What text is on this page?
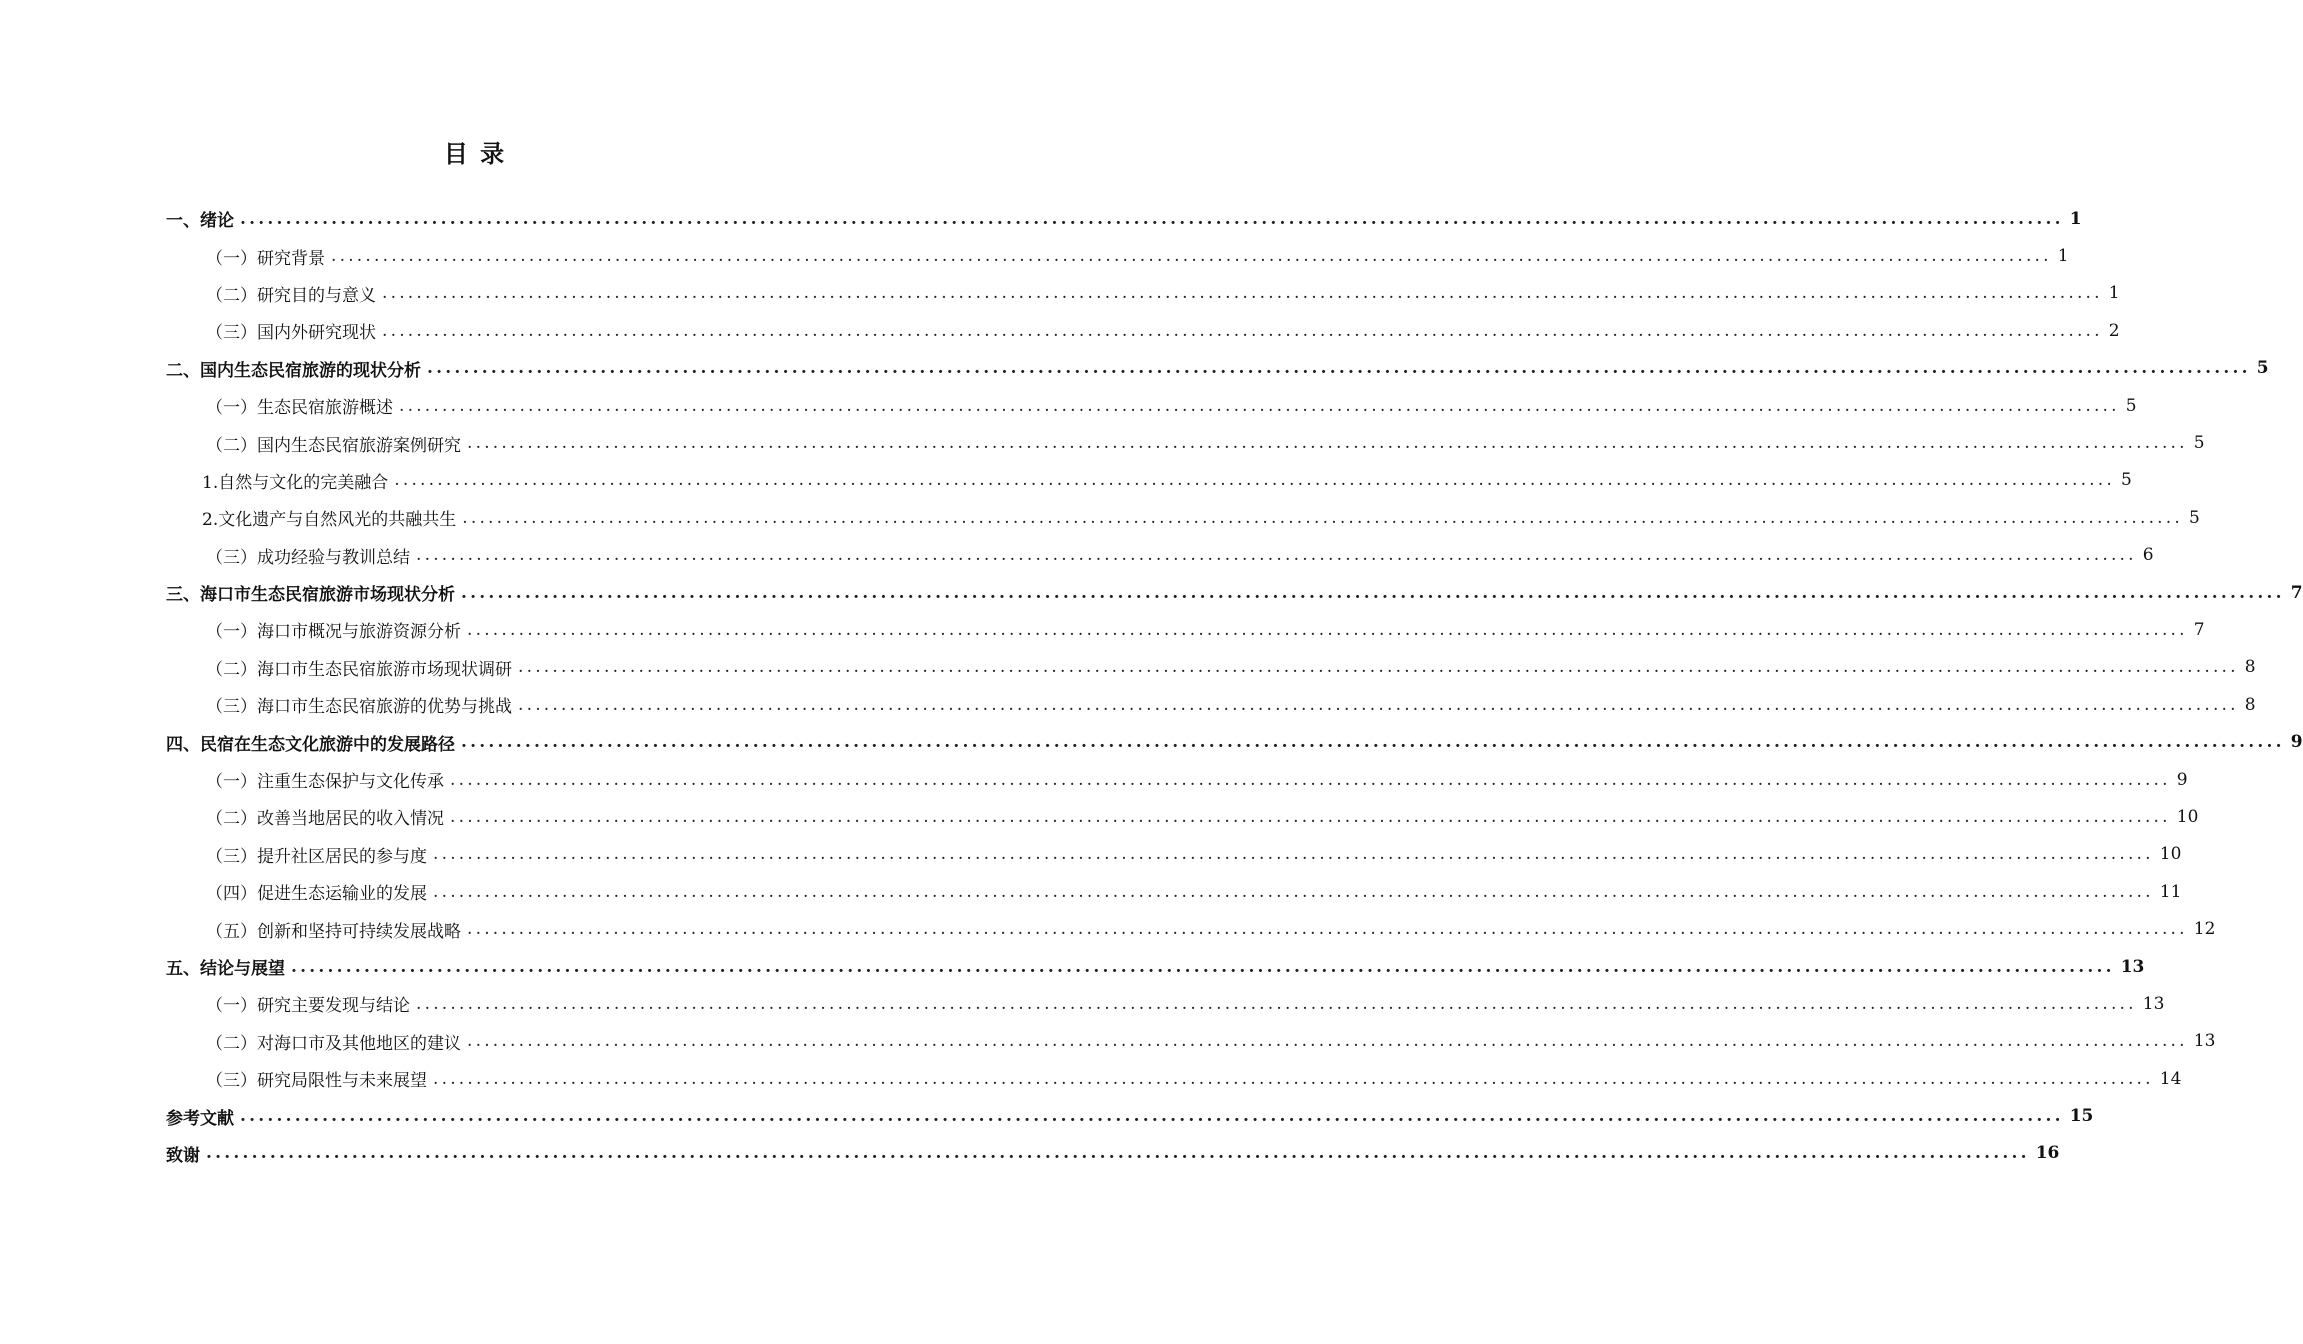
目 录
一、绪论 ........................................................................................................................................................................................................ 1
（一）研究背景 ........................................................................................................................................................................................................ 1
（二）研究目的与意义 ........................................................................................................................................................................................................ 1
（三）国内外研究现状 ........................................................................................................................................................................................................ 2
二、国内生态民宿旅游的现状分析 ........................................................................................................................................................................................................ 5
（一）生态民宿旅游概述 ........................................................................................................................................................................................................ 5
（二）国内生态民宿旅游案例研究 ........................................................................................................................................................................................................ 5
1.自然与文化的完美融合 ........................................................................................................................................................................................................ 5
2.文化遗产与自然风光的共融共生 ........................................................................................................................................................................................................ 5
（三）成功经验与教训总结 ........................................................................................................................................................................................................ 6
三、海口市生态民宿旅游市场现状分析 ........................................................................................................................................................................................................ 7
（一）海口市概况与旅游资源分析 ........................................................................................................................................................................................................ 7
（二）海口市生态民宿旅游市场现状调研 ........................................................................................................................................................................................................ 8
（三）海口市生态民宿旅游的优势与挑战 ........................................................................................................................................................................................................ 8
四、民宿在生态文化旅游中的发展路径 ........................................................................................................................................................................................................ 9
（一）注重生态保护与文化传承 ........................................................................................................................................................................................................ 9
（二）改善当地居民的收入情况 ........................................................................................................................................................................................................ 10
（三）提升社区居民的参与度 ........................................................................................................................................................................................................ 10
（四）促进生态运输业的发展 ........................................................................................................................................................................................................ 11
（五）创新和坚持可持续发展战略 ........................................................................................................................................................................................................ 12
五、结论与展望 ........................................................................................................................................................................................................ 13
（一）研究主要发现与结论 ........................................................................................................................................................................................................ 13
（二）对海口市及其他地区的建议 ........................................................................................................................................................................................................ 13
（三）研究局限性与未来展望 ........................................................................................................................................................................................................ 14
参考文献 ........................................................................................................................................................................................................ 15
致谢 ........................................................................................................................................................................................................ 16
